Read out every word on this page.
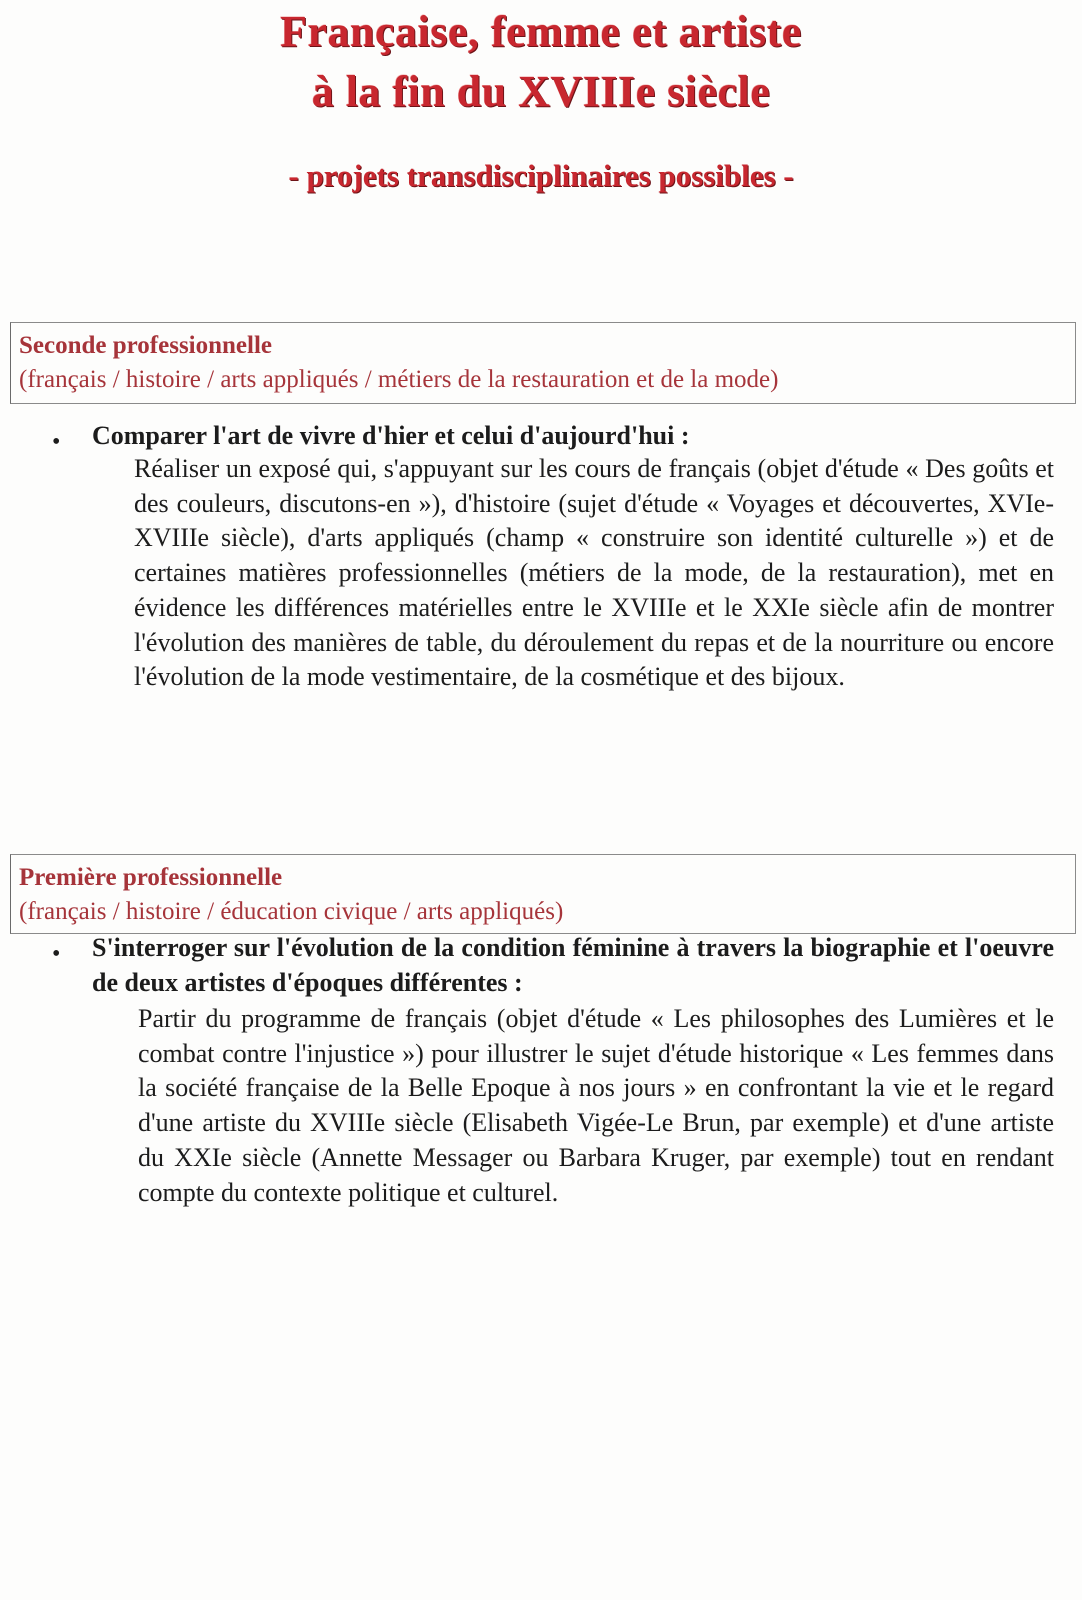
Française, femme et artiste
à la fin du XVIIIe siècle
- projets transdisciplinaires possibles -
Seconde professionnelle
(français / histoire / arts appliqués / métiers de la restauration et de la mode)
• Comparer l'art de vivre d'hier et celui d'aujourd'hui :
Réaliser un exposé qui, s'appuyant sur les cours de français (objet d'étude « Des goûts et des couleurs, discutons-en »), d'histoire (sujet d'étude « Voyages et découvertes, XVIe-XVIIIe siècle), d'arts appliqués (champ « construire son identité culturelle ») et de certaines matières professionnelles (métiers de la mode, de la restauration), met en évidence les différences matérielles entre le XVIIIe et le XXIe siècle afin de montrer l'évolution des manières de table, du déroulement du repas et de la nourriture ou encore l'évolution de la mode vestimentaire, de la cosmétique et des bijoux.
Première professionnelle
(français / histoire / éducation civique / arts appliqués)
• S'interroger sur l'évolution de la condition féminine à travers la biographie et l'oeuvre de deux artistes d'époques différentes :
Partir du programme de français (objet d'étude « Les philosophes des Lumières et le combat contre l'injustice ») pour illustrer le sujet d'étude historique « Les femmes dans la société française de la Belle Epoque à nos jours » en confrontant la vie et le regard d'une artiste du XVIIIe siècle (Elisabeth Vigée-Le Brun, par exemple) et d'une artiste du XXIe siècle (Annette Messager ou Barbara Kruger, par exemple) tout en rendant compte du contexte politique et culturel.
